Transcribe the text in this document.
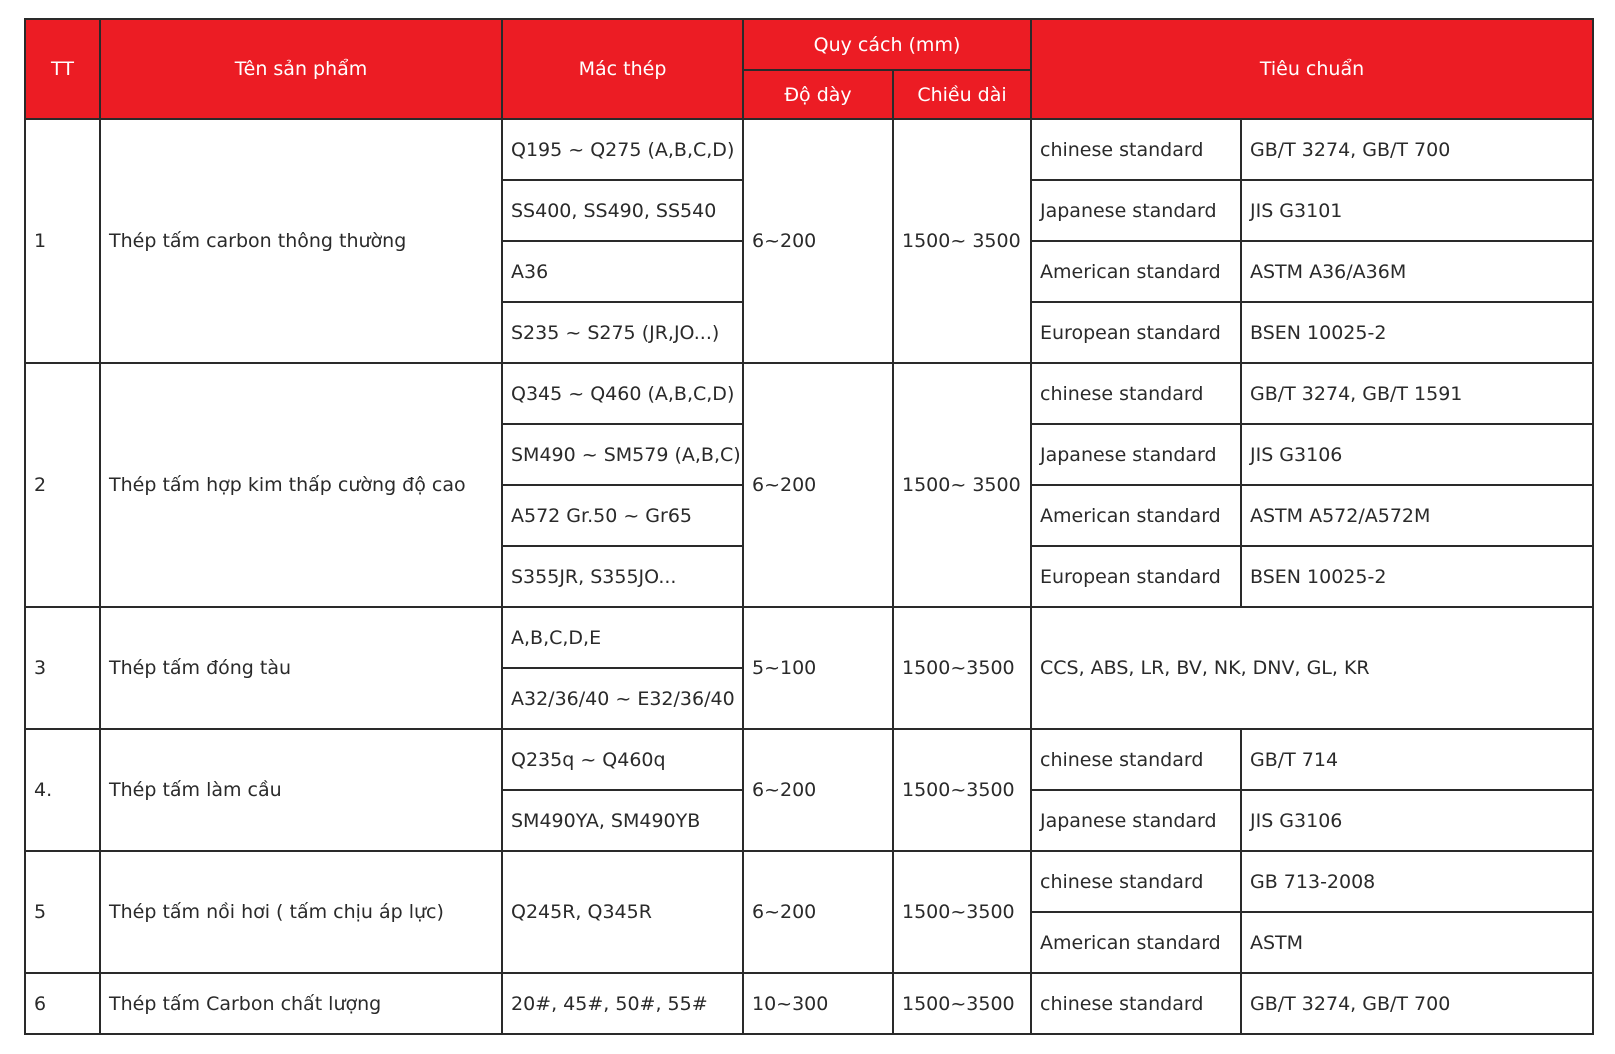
TT	Tên sản phẩm	Mác thép	Quy cách (mm)		Tiêu chuẩn	
			Độ dày	Chiều dài		
1	Thép tấm carbon thông thường	Q195 ~ Q275 (A,B,C,D)	6~200	1500~ 3500	chinese standard	GB/T 3274, GB/T 700
		SS400, SS490, SS540			Japanese standard	JIS G3101
		A36			American standard	ASTM A36/A36M
		S235 ~ S275 (JR,JO...)			European standard	BSEN 10025-2
2	Thép tấm hợp kim thấp cường độ cao	Q345 ~ Q460 (A,B,C,D)	6~200	1500~ 3500	chinese standard	GB/T 3274, GB/T 1591
		SM490 ~ SM579 (A,B,C)			Japanese standard	JIS G3106
		A572 Gr.50 ~ Gr65			American standard	ASTM A572/A572M
		S355JR, S355JO...			European standard	BSEN 10025-2
3	Thép tấm đóng tàu	A,B,C,D,E	5~100	1500~3500	CCS, ABS, LR, BV, NK, DNV, GL, KR	
		A32/36/40 ~ E32/36/40				
4.	Thép tấm làm cầu	Q235q ~ Q460q	6~200	1500~3500	chinese standard	GB/T 714
		SM490YA, SM490YB			Japanese standard	JIS G3106
5	Thép tấm nồi hơi ( tấm chịu áp lực)	Q245R, Q345R	6~200	1500~3500	chinese standard	GB 713-2008
					American standard	ASTM
6	Thép tấm Carbon chất lượng	20#, 45#, 50#, 55#	10~300	1500~3500	chinese standard	GB/T 3274, GB/T 700
